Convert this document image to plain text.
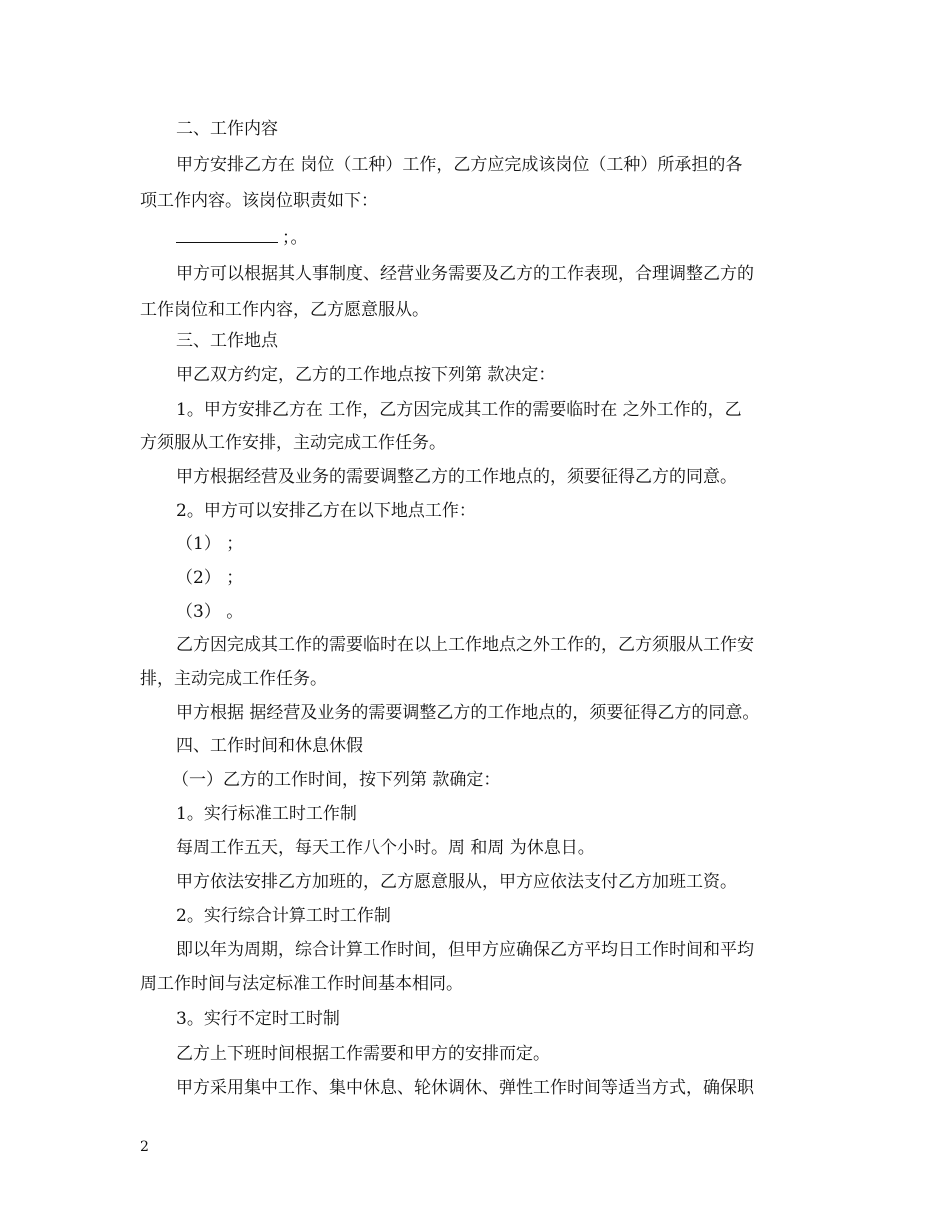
二、工作内容
甲方安排乙方在 岗位（工种）工作，乙方应完成该岗位（工种）所承担的各
项工作内容。该岗位职责如下：
；。
甲方可以根据其人事制度、经营业务需要及乙方的工作表现，合理调整乙方的
工作岗位和工作内容，乙方愿意服从。
三、工作地点
甲乙双方约定，乙方的工作地点按下列第 款决定：
1。甲方安排乙方在 工作，乙方因完成其工作的需要临时在 之外工作的，乙
方须服从工作安排，主动完成工作任务。
甲方根据经营及业务的需要调整乙方的工作地点的，须要征得乙方的同意。
2。甲方可以安排乙方在以下地点工作：
（1） ；
（2） ；
（3） 。
乙方因完成其工作的需要临时在以上工作地点之外工作的，乙方须服从工作安
排，主动完成工作任务。
甲方根据 据经营及业务的需要调整乙方的工作地点的，须要征得乙方的同意。
四、工作时间和休息休假
（一）乙方的工作时间，按下列第 款确定：
1。实行标准工时工作制
每周工作五天，每天工作八个小时。周 和周 为休息日。
甲方依法安排乙方加班的，乙方愿意服从，甲方应依法支付乙方加班工资。
2。实行综合计算工时工作制
即以年为周期，综合计算工作时间，但甲方应确保乙方平均日工作时间和平均
周工作时间与法定标准工作时间基本相同。
3。实行不定时工时制
乙方上下班时间根据工作需要和甲方的安排而定。
甲方采用集中工作、集中休息、轮休调休、弹性工作时间等适当方式，确保职
2
